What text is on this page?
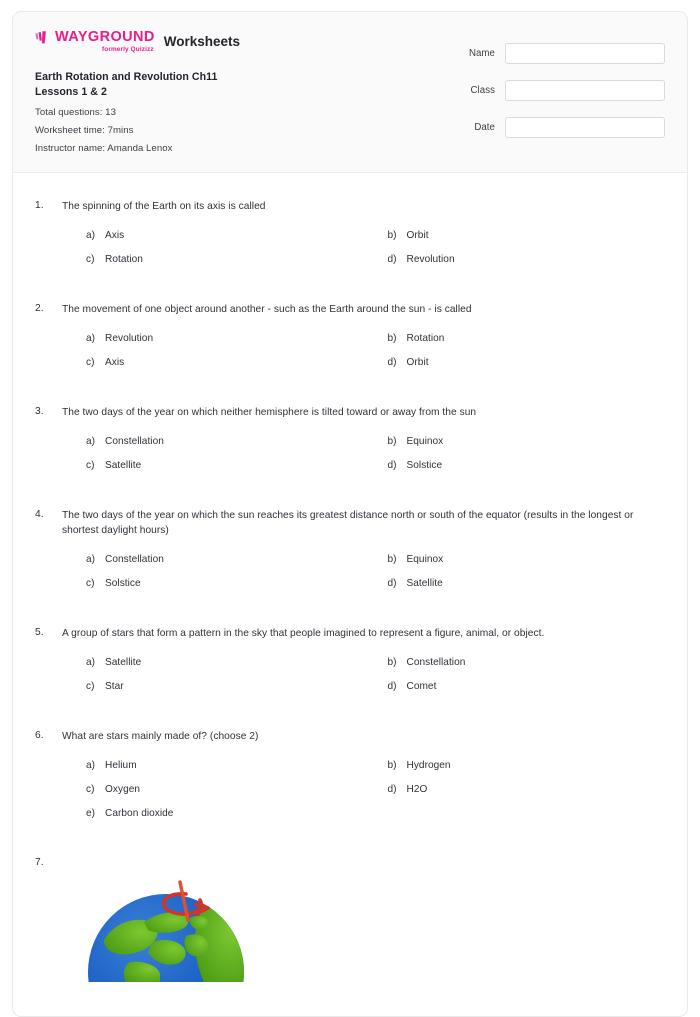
WAYGROUND
formerly Quizizz
Worksheets
Earth Rotation and Revolution Ch11
Lessons 1 & 2
Total questions: 13
Worksheet time: 7mins
Instructor name: Amanda Lenox
Name
Class
Date
1.	The spinning of the Earth on its axis is called
a) Axis	b) Orbit
c)	Rotation	d) Revolution
2.	The movement of one object around another - such as the Earth around the sun - is called
a) Revolution	b) Rotation
c)	Axis	d) Orbit
3.	The two days of the year on which neither hemisphere is tilted toward or away from the sun
a) Constellation	b) Equinox
c)	Satellite	d) Solstice
4.	The two days of the year on which the sun reaches its greatest distance north or south of the equator (results in the longest or shortest daylight hours)
a) Constellation	b) Equinox
c)	Solstice	d) Satellite
5.	A group of stars that form a pattern in the sky that people imagined to represent a figure, animal, or object.
a) Satellite	b) Constellation
c)	Star	d) Comet
6.	What are stars mainly made of? (choose 2)
a) Helium	b) Hydrogen
c)	Oxygen	d) H2O
e) Carbon dioxide
7.
